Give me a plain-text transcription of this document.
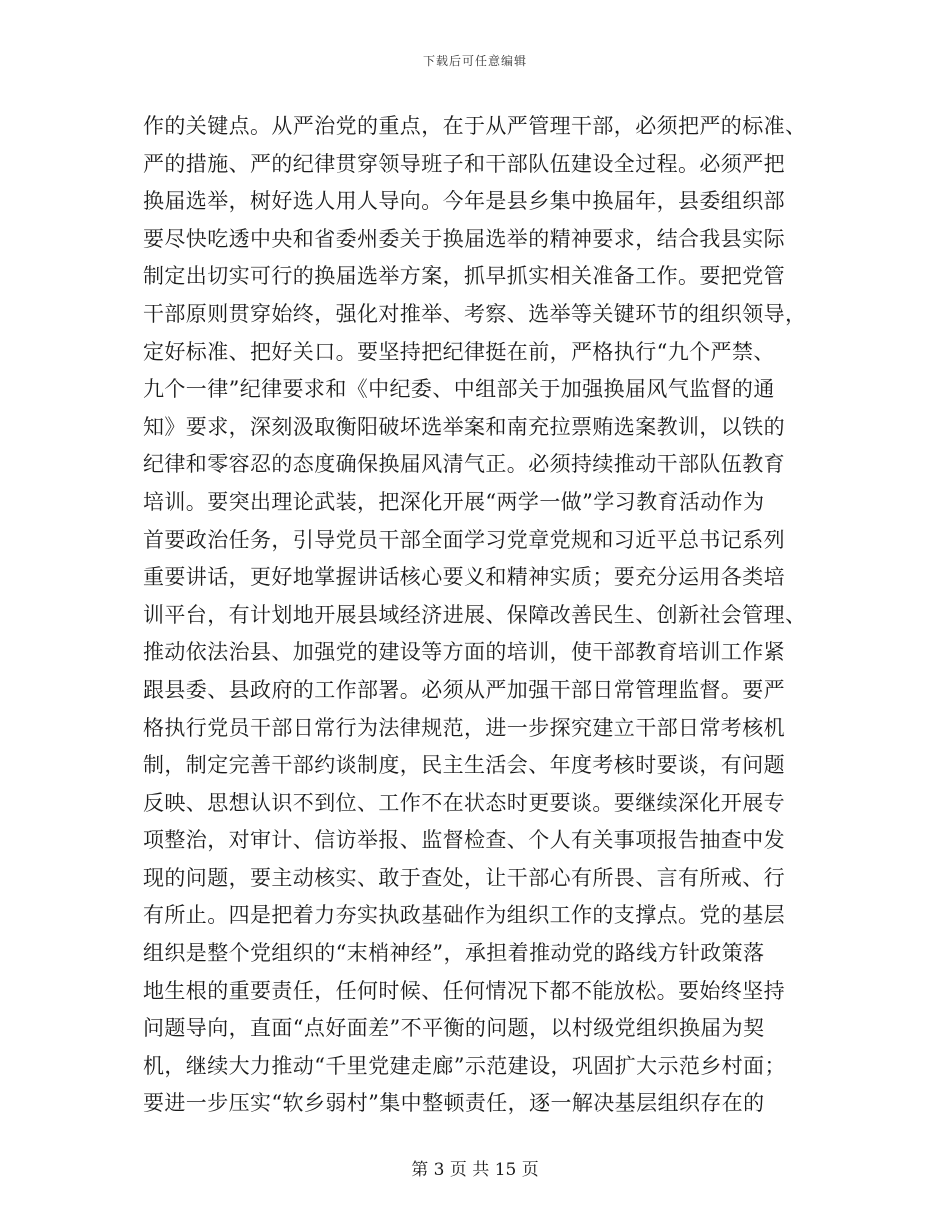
下载后可任意编辑
作的关键点。从严治党的重点，在于从严管理干部，必须把严的标准、
严的措施、严的纪律贯穿领导班子和干部队伍建设全过程。必须严把
换届选举，树好选人用人导向。今年是县乡集中换届年，县委组织部
要尽快吃透中央和省委州委关于换届选举的精神要求，结合我县实际
制定出切实可行的换届选举方案，抓早抓实相关准备工作。要把党管
干部原则贯穿始终，强化对推举、考察、选举等关键环节的组织领导，
定好标准、把好关口。要坚持把纪律挺在前，严格执行“九个严禁、
九个一律”纪律要求和《中纪委、中组部关于加强换届风气监督的通
知》要求，深刻汲取衡阳破坏选举案和南充拉票贿选案教训，以铁的
纪律和零容忍的态度确保换届风清气正。必须持续推动干部队伍教育
培训。要突出理论武装，把深化开展“两学一做”学习教育活动作为
首要政治任务，引导党员干部全面学习党章党规和习近平总书记系列
重要讲话，更好地掌握讲话核心要义和精神实质；要充分运用各类培
训平台，有计划地开展县域经济进展、保障改善民生、创新社会管理、
推动依法治县、加强党的建设等方面的培训，使干部教育培训工作紧
跟县委、县政府的工作部署。必须从严加强干部日常管理监督。要严
格执行党员干部日常行为法律规范，进一步探究建立干部日常考核机
制，制定完善干部约谈制度，民主生活会、年度考核时要谈，有问题
反映、思想认识不到位、工作不在状态时更要谈。要继续深化开展专
项整治，对审计、信访举报、监督检查、个人有关事项报告抽查中发
现的问题，要主动核实、敢于查处，让干部心有所畏、言有所戒、行
有所止。四是把着力夯实执政基础作为组织工作的支撑点。党的基层
组织是整个党组织的“末梢神经”，承担着推动党的路线方针政策落
地生根的重要责任，任何时候、任何情况下都不能放松。要始终坚持
问题导向，直面“点好面差”不平衡的问题，以村级党组织换届为契
机，继续大力推动“千里党建走廊”示范建设，巩固扩大示范乡村面；
要进一步压实“软乡弱村”集中整顿责任，逐一解决基层组织存在的
第 3 页 共 15 页
